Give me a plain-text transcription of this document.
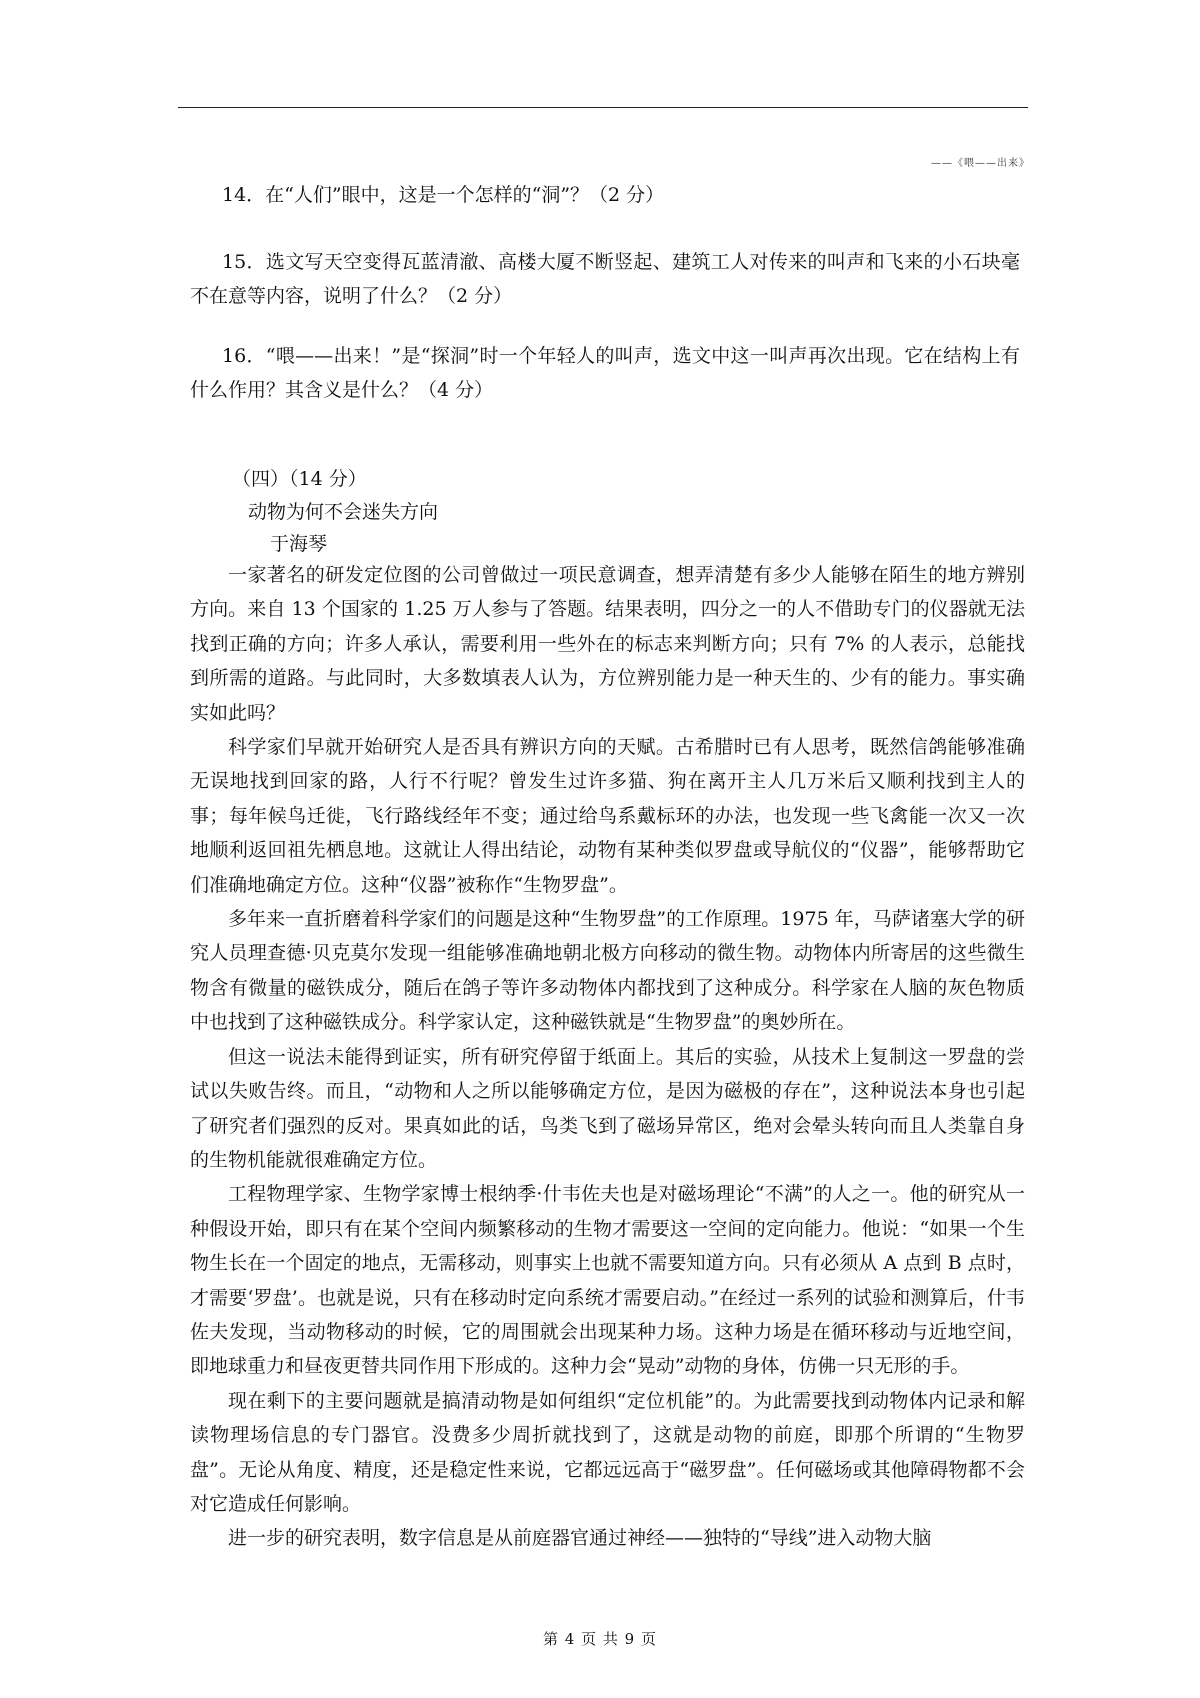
——《喂——出来》

14．在“人们”眼中，这是一个怎样的“洞”？（2 分）

15．选文写天空变得瓦蓝清澈、高楼大厦不断竖起、建筑工人对传来的叫声和飞来的小石块毫不在意等内容，说明了什么？（2 分）

16．“喂——出来！”是“探洞”时一个年轻人的叫声，选文中这一叫声再次出现。它在结构上有什么作用？其含义是什么？（4 分）

（四）（14 分）
动物为何不会迷失方向
于海琴

一家著名的研发定位图的公司曾做过一项民意调查，想弄清楚有多少人能够在陌生的地方辨别方向。来自 13 个国家的 1.25 万人参与了答题。结果表明，四分之一的人不借助专门的仪器就无法找到正确的方向；许多人承认，需要利用一些外在的标志来判断方向；只有 7% 的人表示，总能找到所需的道路。与此同时，大多数填表人认为，方位辨别能力是一种天生的、少有的能力。事实确实如此吗？

科学家们早就开始研究人是否具有辨识方向的天赋。古希腊时已有人思考，既然信鸽能够准确无误地找到回家的路，人行不行呢？曾发生过许多猫、狗在离开主人几万米后又顺利找到主人的事；每年候鸟迁徙，飞行路线经年不变；通过给鸟系戴标环的办法，也发现一些飞禽能一次又一次地顺利返回祖先栖息地。这就让人得出结论，动物有某种类似罗盘或导航仪的“仪器”，能够帮助它们准确地确定方位。这种“仪器”被称作“生物罗盘”。

多年来一直折磨着科学家们的问题是这种“生物罗盘”的工作原理。1975 年，马萨诸塞大学的研究人员理查德·贝克莫尔发现一组能够准确地朝北极方向移动的微生物。动物体内所寄居的这些微生物含有微量的磁铁成分，随后在鸽子等许多动物体内都找到了这种成分。科学家在人脑的灰色物质中也找到了这种磁铁成分。科学家认定，这种磁铁就是“生物罗盘”的奥妙所在。

但这一说法未能得到证实，所有研究停留于纸面上。其后的实验，从技术上复制这一罗盘的尝试以失败告终。而且，“动物和人之所以能够确定方位，是因为磁极的存在”，这种说法本身也引起了研究者们强烈的反对。果真如此的话，鸟类飞到了磁场异常区，绝对会晕头转向而且人类靠自身的生物机能就很难确定方位。

工程物理学家、生物学家博士根纳季·什韦佐夫也是对磁场理论“不满”的人之一。他的研究从一种假设开始，即只有在某个空间内频繁移动的生物才需要这一空间的定向能力。他说：“如果一个生物生长在一个固定的地点，无需移动，则事实上也就不需要知道方向。只有必须从 A 点到 B 点时，才需要‘罗盘’。也就是说，只有在移动时定向系统才需要启动。”在经过一系列的试验和测算后，什韦佐夫发现，当动物移动的时候，它的周围就会出现某种力场。这种力场是在循环移动与近地空间，即地球重力和昼夜更替共同作用下形成的。这种力会“晃动”动物的身体，仿佛一只无形的手。

现在剩下的主要问题就是搞清动物是如何组织“定位机能”的。为此需要找到动物体内记录和解读物理场信息的专门器官。没费多少周折就找到了，这就是动物的前庭，即那个所谓的“生物罗盘”。无论从角度、精度，还是稳定性来说，它都远远高于“磁罗盘”。任何磁场或其他障碍物都不会对它造成任何影响。

进一步的研究表明，数字信息是从前庭器官通过神经——独特的“导线”进入动物大脑

第 4 页 共 9 页
